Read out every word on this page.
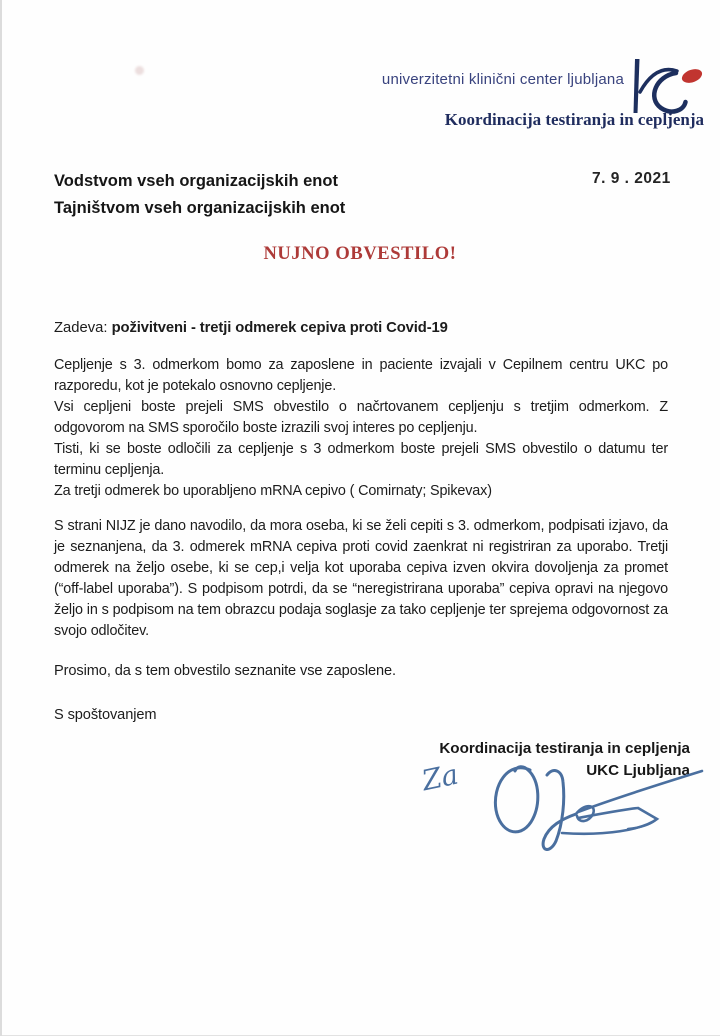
univerzitetni klinični center ljubljana
Koordinacija testiranja in cepljenja
Vodstvom vseh organizacijskih enot
Tajništvom vseh organizacijskih enot
7. 9 . 2021
NUJNO OBVESTILO!
Zadeva: poživitveni - tretji odmerek cepiva proti Covid-19

Cepljenje s 3. odmerkom bomo za zaposlene in paciente izvajali v Cepilnem centru UKC po razporedu, kot je potekalo osnovno cepljenje.

Vsi cepljeni boste prejeli SMS obvestilo o načrtovanem cepljenju s tretjim odmerkom. Z odgovorom na SMS sporočilo boste izrazili svoj interes po cepljenju.

Tisti, ki se boste odločili za cepljenje s 3 odmerkom boste prejeli SMS obvestilo o datumu ter terminu cepljenja.

Za tretji odmerek bo uporabljeno mRNA cepivo ( Comirnaty; Spikevax)

S strani NIJZ je dano navodilo, da mora oseba, ki se želi cepiti s 3. odmerkom, podpisati izjavo, da je seznanjena, da 3. odmerek mRNA cepiva proti covid zaenkrat ni registriran za uporabo. Tretji odmerek na željo osebe, ki se cep,i velja kot uporaba cepiva izven okvira dovoljenja za promet (“off-label uporaba”). S podpisom potrdi, da se “neregistrirana uporaba” cepiva opravi na njegovo željo in s podpisom na tem obrazcu podaja soglasje za tako cepljenje ter sprejema odgovornost za svojo odločitev.

Prosimo, da s tem obvestilo seznanite vse zaposlene.
S spoštovanjem
Koordinacija testiranja in cepljenja
UKC Ljubljana
Za
